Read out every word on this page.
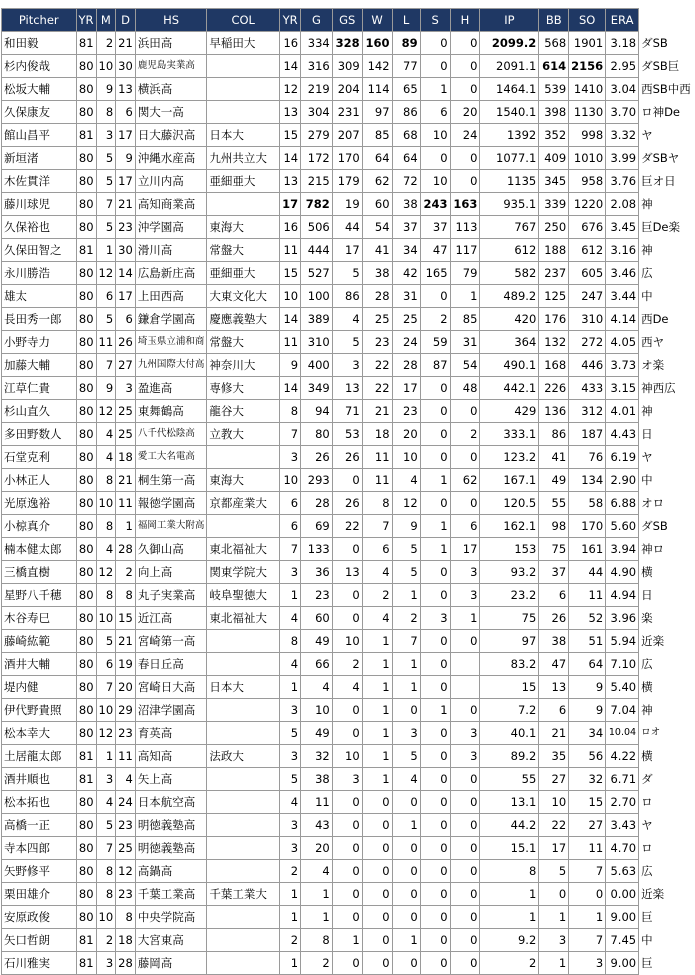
Pitcher	YR	M	D	HS	COL	YR	G	GS	W	L	S	H	IP	BB	SO	ERA	
和田毅	81	2	21	浜田高	早稲田大	16	334	328	160	89	0	0	2099.2	568	1901	3.18	ダSB
杉内俊哉	80	10	30	鹿児島実業高		14	316	309	142	77	0	0	2091.1	614	2156	2.95	ダSB巨
松坂大輔	80	9	13	横浜高		12	219	204	114	65	1	0	1464.1	539	1410	3.04	西SB中西
久保康友	80	8	6	関大一高		13	304	231	97	86	6	20	1540.1	398	1130	3.70	ロ神De
館山昌平	81	3	17	日大藤沢高	日本大	15	279	207	85	68	10	24	1392	352	998	3.32	ヤ
新垣渚	80	5	9	沖縄水産高	九州共立大	14	172	170	64	64	0	0	1077.1	409	1010	3.99	ダSBヤ
木佐貫洋	80	5	17	立川内高	亜細亜大	13	215	179	62	72	10	0	1135	345	958	3.76	巨オ日
藤川球児	80	7	21	高知商業高		17	782	19	60	38	243	163	935.1	339	1220	2.08	神
久保裕也	80	5	23	沖学園高	東海大	16	506	44	54	37	37	113	767	250	676	3.45	巨De楽
久保田智之	81	1	30	滑川高	常盤大	11	444	17	41	34	47	117	612	188	612	3.16	神
永川勝浩	80	12	14	広島新庄高	亜細亜大	15	527	5	38	42	165	79	582	237	605	3.46	広
雄太	80	6	17	上田西高	大東文化大	10	100	86	28	31	0	1	489.2	125	247	3.44	中
長田秀一郎	80	5	6	鎌倉学園高	慶應義塾大	14	389	4	25	25	2	85	420	176	310	4.14	西De
小野寺力	80	11	26	埼玉県立浦和商	常盤大	11	310	5	23	24	59	31	364	132	272	4.05	西ヤ
加藤大輔	80	7	27	九州国際大付高	神奈川大	9	400	3	22	28	87	54	490.1	168	446	3.73	オ楽
江草仁貴	80	9	3	盈進高	専修大	14	349	13	22	17	0	48	442.1	226	433	3.15	神西広
杉山直久	80	12	25	東舞鶴高	龍谷大	8	94	71	21	23	0	0	429	136	312	4.01	神
多田野数人	80	4	25	八千代松陰高	立教大	7	80	53	18	20	0	2	333.1	86	187	4.43	日
石堂克利	80	4	18	愛工大名電高		3	26	26	11	10	0	0	123.2	41	76	6.19	ヤ
小林正人	80	8	21	桐生第一高	東海大	10	293	0	11	4	1	62	167.1	49	134	2.90	中
光原逸裕	80	10	11	報徳学園高	京都産業大	6	28	26	8	12	0	0	120.5	55	58	6.88	オロ
小椋真介	80	8	1	福岡工業大附高		6	69	22	7	9	1	6	162.1	98	170	5.60	ダSB
楠本健太郎	80	4	28	久御山高	東北福祉大	7	133	0	6	5	1	17	153	75	161	3.94	神ロ
三橋直樹	80	12	2	向上高	関東学院大	3	36	13	4	5	0	3	93.2	37	44	4.90	横
星野八千穂	80	8	8	丸子実業高	岐阜聖徳大	1	23	0	2	1	0	3	23.2	6	11	4.94	日
木谷寿巳	80	10	15	近江高	東北福祉大	4	60	0	4	2	3	1	75	26	52	3.96	楽
藤崎紘範	80	5	21	宮崎第一高		8	49	10	1	7	0	0	97	38	51	5.94	近楽
酒井大輔	80	6	19	春日丘高		4	66	2	1	1	0		83.2	47	64	7.10	広
堤内健	80	7	20	宮崎日大高	日本大	1	4	4	1	1	0		15	13	9	5.40	横
伊代野貴照	80	10	29	沼津学園高		3	10	0	1	0	1	0	7.2	6	9	7.04	神
松本幸大	80	12	23	育英高		5	49	0	1	3	0	3	40.1	21	34	10.04	ロオ
土居龍太郎	81	1	11	高知高	法政大	3	32	10	1	5	0	3	89.2	35	56	4.22	横
酒井順也	81	3	4	矢上高		5	38	3	1	4	0	0	55	27	32	6.71	ダ
松本拓也	80	4	24	日本航空高		4	11	0	0	0	0	0	13.1	10	15	2.70	ロ
高橋一正	80	5	23	明徳義塾高		3	43	0	0	1	0	0	44.2	22	27	3.43	ヤ
寺本四郎	80	7	25	明徳義塾高		3	20	0	0	0	0	0	15.1	17	11	4.70	ロ
矢野修平	80	8	12	高鍋高		2	4	0	0	0	0	0	8	5	7	5.63	広
栗田雄介	80	8	23	千葉工業高	千葉工業大	1	1	0	0	0	0	0	1	0	0	0.00	近楽
安原政俊	80	10	8	中央学院高		1	1	0	0	0	0	0	1	1	1	9.00	巨
矢口哲朗	81	2	18	大宮東高		2	8	1	0	1	0	0	9.2	3	7	7.45	中
石川雅実	81	3	28	藤岡高		1	2	0	0	0	0	0	2	1	3	9.00	巨
